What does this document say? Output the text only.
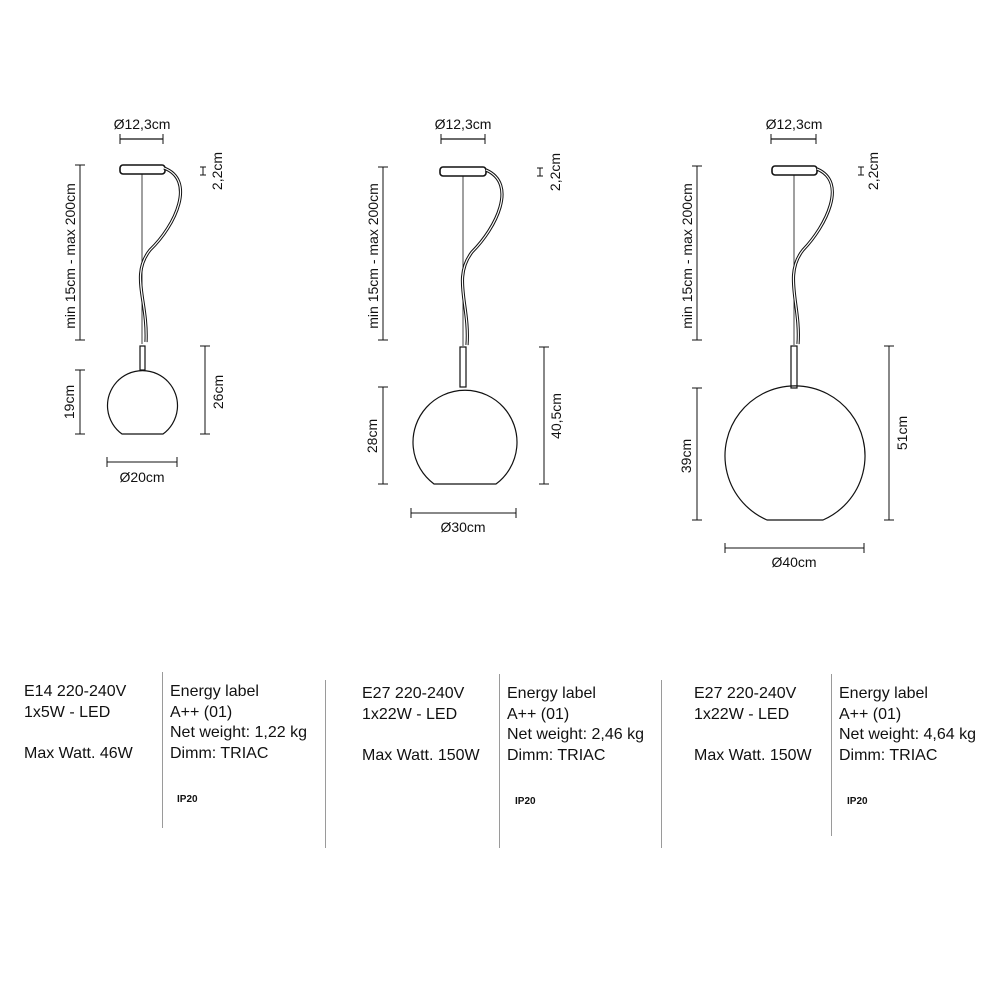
Ø12,3cm
2,2cm
min 15cm - max 200cm
19cm	26cm
Ø20cm
Ø12,3cm
2,2cm
min 15cm - max 200cm
28cm	40,5cm
Ø30cm
Ø12,3cm
2,2cm
min 15cm - max 200cm
39cm
51cm
Ø40cm
E14 220-240V
1x5W - LED
Max Watt. 46W
Energy label
A++ (01)
Net weight: 1,22 kg
Dimm: TRIAC
IP20
E27 220-240V
1x22W - LED
Max Watt. 150W
Energy label
A++ (01)
Net weight: 2,46 kg
Dimm: TRIAC
IP20
E27 220-240V
1x22W - LED
Max Watt. 150W
Energy label
A++ (01)
Net weight: 4,64 kg
Dimm: TRIAC
IP20
